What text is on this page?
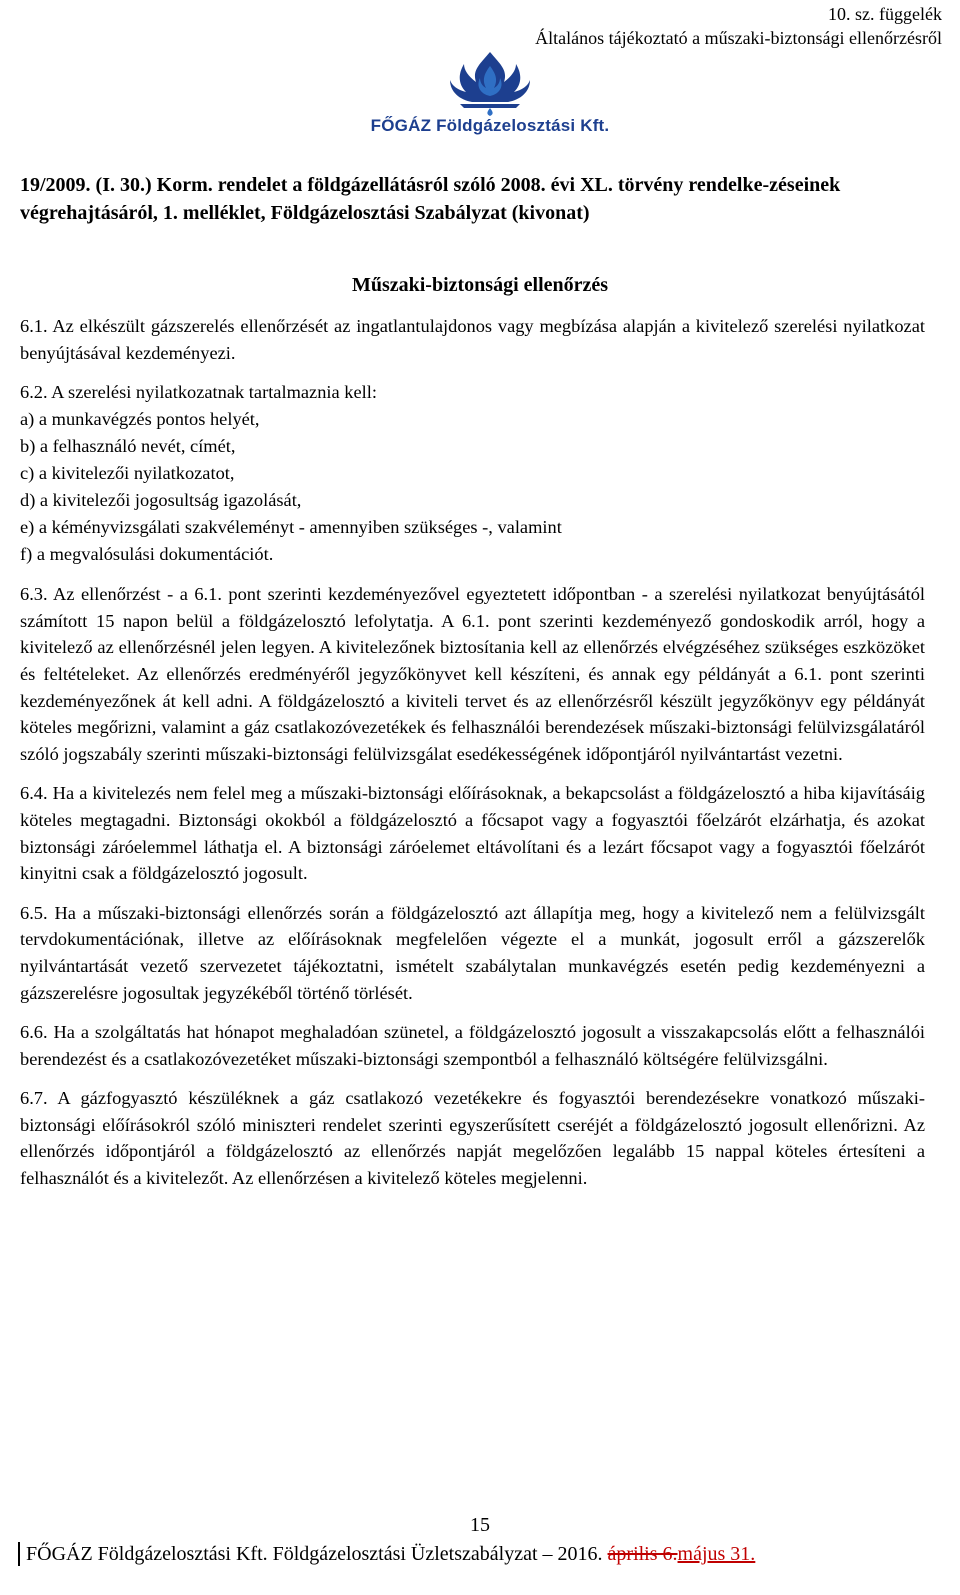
10. sz. függelék
Általános tájékoztató a műszaki-biztonsági ellenőrzésről
FŐGÁZ Földgázelosztási Kft.
19/2009. (I. 30.) Korm. rendelet a földgázellátásról szóló 2008. évi XL. törvény rendelke-zéseinek végrehajtásáról, 1. melléklet, Földgázelosztási Szabályzat (kivonat)
Műszaki-biztonsági ellenőrzés

6.1. Az elkészült gázszerelés ellenőrzését az ingatlantulajdonos vagy megbízása alapján a kivitelező szerelési nyilatkozat benyújtásával kezdeményezi.

6.2. A szerelési nyilatkozatnak tartalmaznia kell:
a) a munkavégzés pontos helyét,
b) a felhasználó nevét, címét,
c) a kivitelezői nyilatkozatot,
d) a kivitelezői jogosultság igazolását,
e) a kéményvizsgálati szakvéleményt - amennyiben szükséges -, valamint
f) a megvalósulási dokumentációt.

6.3. Az ellenőrzést - a 6.1. pont szerinti kezdeményezővel egyeztetett időpontban - a szerelési nyilatkozat benyújtásától számított 15 napon belül a földgázelosztó lefolytatja. A 6.1. pont szerinti kezdeményező gondoskodik arról, hogy a kivitelező az ellenőrzésnél jelen legyen. A kivitelezőnek biztosítania kell az ellenőrzés elvégzéséhez szükséges eszközöket és feltételeket. Az ellenőrzés eredményéről jegyzőkönyvet kell készíteni, és annak egy példányát a 6.1. pont szerinti kezdeményezőnek át kell adni. A földgázelosztó a kiviteli tervet és az ellenőrzésről készült jegyzőkönyv egy példányát köteles megőrizni, valamint a gáz csatlakozóvezetékek és felhasználói berendezések műszaki-biztonsági felülvizsgálatáról szóló jogszabály szerinti műszaki-biztonsági felülvizsgálat esedékességének időpontjáról nyilvántartást vezetni.

6.4. Ha a kivitelezés nem felel meg a műszaki-biztonsági előírásoknak, a bekapcsolást a földgázelosztó a hiba kijavításáig köteles megtagadni. Biztonsági okokból a földgázelosztó a főcsapot vagy a fogyasztói főelzárót elzárhatja, és azokat biztonsági záróelemmel láthatja el. A biztonsági záróelemet eltávolítani és a lezárt főcsapot vagy a fogyasztói főelzárót kinyitni csak a földgázelosztó jogosult.

6.5. Ha a műszaki-biztonsági ellenőrzés során a földgázelosztó azt állapítja meg, hogy a kivitelező nem a felülvizsgált tervdokumentációnak, illetve az előírásoknak megfelelően végezte el a munkát, jogosult erről a gázszerelők nyilvántartását vezető szervezetet tájékoztatni, ismételt szabálytalan munkavégzés esetén pedig kezdeményezni a gázszerelésre jogosultak jegyzékéből történő törlését.

6.6. Ha a szolgáltatás hat hónapot meghaladóan szünetel, a földgázelosztó jogosult a visszakapcsolás előtt a felhasználói berendezést és a csatlakozóvezetéket műszaki-biztonsági szempontból a felhasználó költségére felülvizsgálni.

6.7. A gázfogyasztó készüléknek a gáz csatlakozó vezetékekre és fogyasztói berendezésekre vonatkozó műszaki-biztonsági előírásokról szóló miniszteri rendelet szerinti egyszerűsített cseréjét a földgázelosztó jogosult ellenőrizni. Az ellenőrzés időpontjáról a földgázelosztó az ellenőrzés napját megelőzően legalább 15 nappal köteles értesíteni a felhasználót és a kivitelezőt. Az ellenőrzésen a kivitelező köteles megjelenni.

15
FŐGÁZ Földgázelosztási Kft. Földgázelosztási Üzletszabályzat – 2016. április 6.május 31.
